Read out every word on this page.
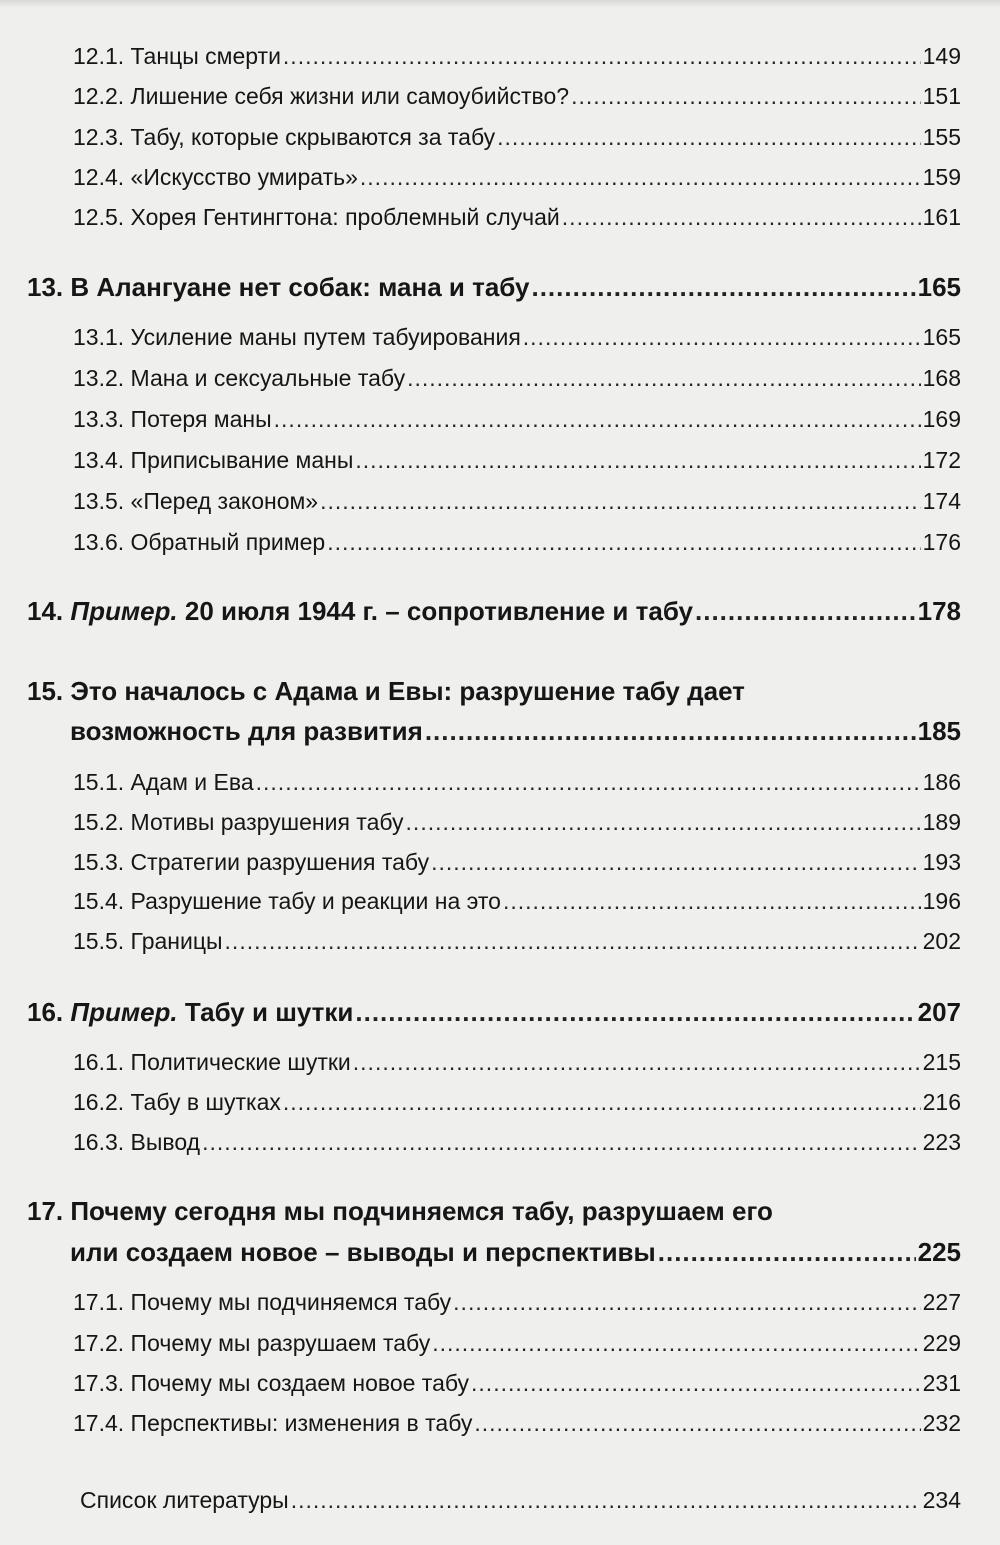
12.1. Танцы смерти .....	149
12.2. Лишение себя жизни или самоубийство? .....	151
12.3. Табу, которые скрываются за табу .....	155
12.4. «Искусство умирать» .....	159
12.5. Хорея Гентингтона: проблемный случай .....	161
13. В Алангуане нет собак: мана и табу .....	165
13.1. Усиление маны путем табуирования .....	165
13.2. Мана и сексуальные табу .....	168
13.3. Потеря маны .....	169
13.4. Приписывание маны .....	172
13.5. «Перед законом» .....	174
13.6. Обратный пример .....	176
14. Пример. 20 июля 1944 г. – сопротивление и табу .....	178
15. Это началось с Адама и Евы: разрушение табу дает
возможность для развития .....	185
15.1. Адам и Ева .....	186
15.2. Мотивы разрушения табу .....	189
15.3. Стратегии разрушения табу .....	193
15.4. Разрушение табу и реакции на это .....	196
15.5. Границы .....	202
16. Пример. Табу и шутки .....	207
16.1. Политические шутки .....	215
16.2. Табу в шутках .....	216
16.3. Вывод .....	223
17. Почему сегодня мы подчиняемся табу, разрушаем его
или создаем новое – выводы и перспективы .....	225
17.1. Почему мы подчиняемся табу .....	227
17.2. Почему мы разрушаем табу .....	229
17.3. Почему мы создаем новое табу .....	231
17.4. Перспективы: изменения в табу .....	232
Список литературы .....	234
